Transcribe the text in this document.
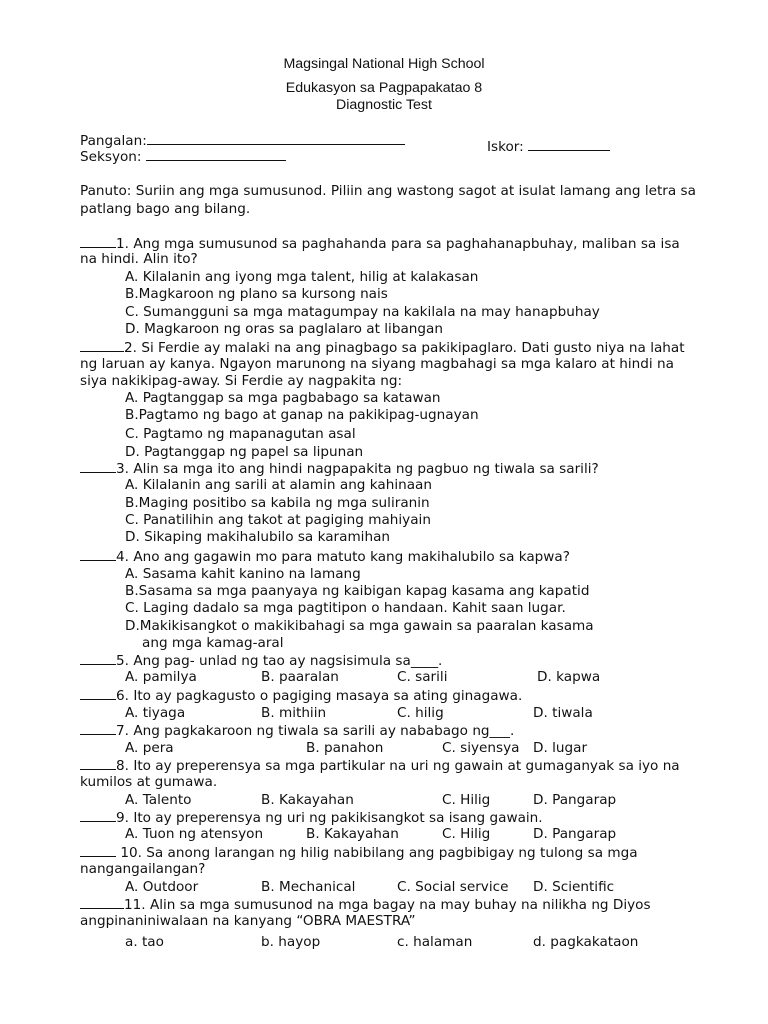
Magsingal National High School
Edukasyon sa Pagpapakatao 8
Diagnostic Test
Pangalan:
Seksyon:
Iskor:
Panuto: Suriin ang mga sumusunod. Piliin ang wastong sagot at isulat lamang ang letra sa
patlang bago ang bilang.
1. Ang mga sumusunod sa paghahanda para sa paghahanapbuhay, maliban sa isa
na hindi. Alin ito?
A. Kilalanin ang iyong mga talent, hilig at kalakasan
B.Magkaroon ng plano sa kursong nais
C. Sumangguni sa mga matagumpay na kakilala na may hanapbuhay
D. Magkaroon ng oras sa paglalaro at libangan
2. Si Ferdie ay malaki na ang pinagbago sa pakikipaglaro. Dati gusto niya na lahat
ng laruan ay kanya. Ngayon marunong na siyang magbahagi sa mga kalaro at hindi na
siya nakikipag-away. Si Ferdie ay nagpakita ng:
A. Pagtanggap sa mga pagbabago sa katawan
B.Pagtamo ng bago at ganap na pakikipag-ugnayan
C. Pagtamo ng mapanagutan asal
D. Pagtanggap ng papel sa lipunan
3. Alin sa mga ito ang hindi nagpapakita ng pagbuo ng tiwala sa sarili?
A. Kilalanin ang sarili at alamin ang kahinaan
B.Maging positibo sa kabila ng mga suliranin
C. Panatilihin ang takot at pagiging mahiyain
D. Sikaping makihalubilo sa karamihan
4. Ano ang gagawin mo para matuto kang makihalubilo sa kapwa?
A. Sasama kahit kanino na lamang
B.Sasama sa mga paanyaya ng kaibigan kapag kasama ang kapatid
C. Laging dadalo sa mga pagtitipon o handaan. Kahit saan lugar.
D.Makikisangkot o makikibahagi sa mga gawain sa paaralan kasama
ang mga kamag-aral
5. Ang pag- unlad ng tao ay nagsisimula sa____.
A. pamilya	B. paaralan	C. sarili	D. kapwa
6. Ito ay pagkagusto o pagiging masaya sa ating ginagawa.
A. tiyaga	B. mithiin	C. hilig	D. tiwala
7. Ang pagkakaroon ng tiwala sa sarili ay nababago ng___.
A. pera	B. panahon	C. siyensya D. lugar
8. Ito ay preperensya sa mga partikular na uri ng gawain at gumaganyak sa iyo na
kumilos at gumawa.
A. Talento	B. Kakayahan	C. Hilig	D. Pangarap
9. Ito ay preperensya ng uri ng pakikisangkot sa isang gawain.
A. Tuon ng atensyon	B. Kakayahan	C. Hilig	D. Pangarap
10. Sa anong larangan ng hilig nabibilang ang pagbibigay ng tulong sa mga
nangangailangan?
A. Outdoor	B. Mechanical	C. Social service D. Scientific
11. Alin sa mga sumusunod na mga bagay na may buhay na nilikha ng Diyos
angpinaniniwalaan na kanyang “OBRA MAESTRA”
a. tao	b. hayop	c. halaman	d. pagkakataon
